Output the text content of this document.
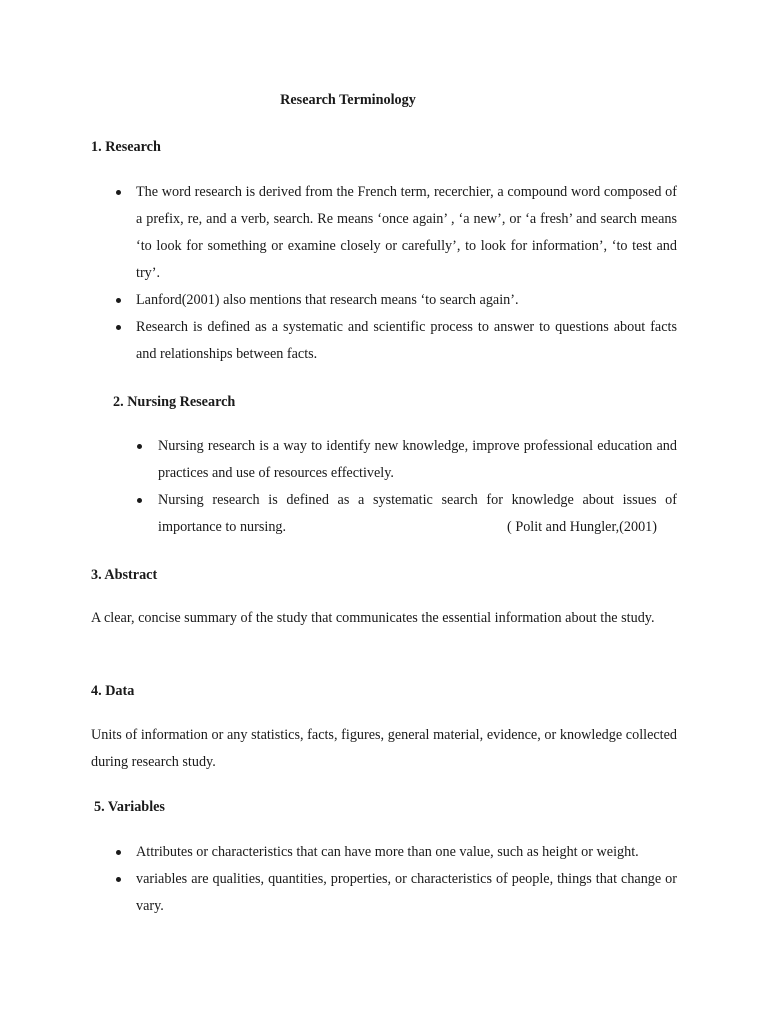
Research Terminology
1. Research
The word research is derived from the French term, recerchier, a compound word composed of a prefix, re, and a verb, search. Re means ‘once again’ , ‘a new’, or ‘a fresh’ and search means ‘to look for something or examine closely or carefully’, to look for information’, ‘to test and try’.
Lanford(2001) also mentions that research means ‘to search again’.
Research is defined as a systematic and scientific process to answer to questions about facts and relationships between facts.
2. Nursing Research
Nursing research is a way to identify new knowledge, improve professional education and practices and use of resources effectively.
Nursing research is defined as a systematic search for knowledge about issues of
importance to nursing.	( Polit and Hungler,(2001)
3. Abstract
A clear, concise summary of the study that communicates the essential information about the study.
4. Data
Units of information or any statistics, facts, figures, general material, evidence, or knowledge collected during research study.
5. Variables
Attributes or characteristics that can have more than one value, such as height or weight.
variables are qualities, quantities, properties, or characteristics of people, things that change or vary.
